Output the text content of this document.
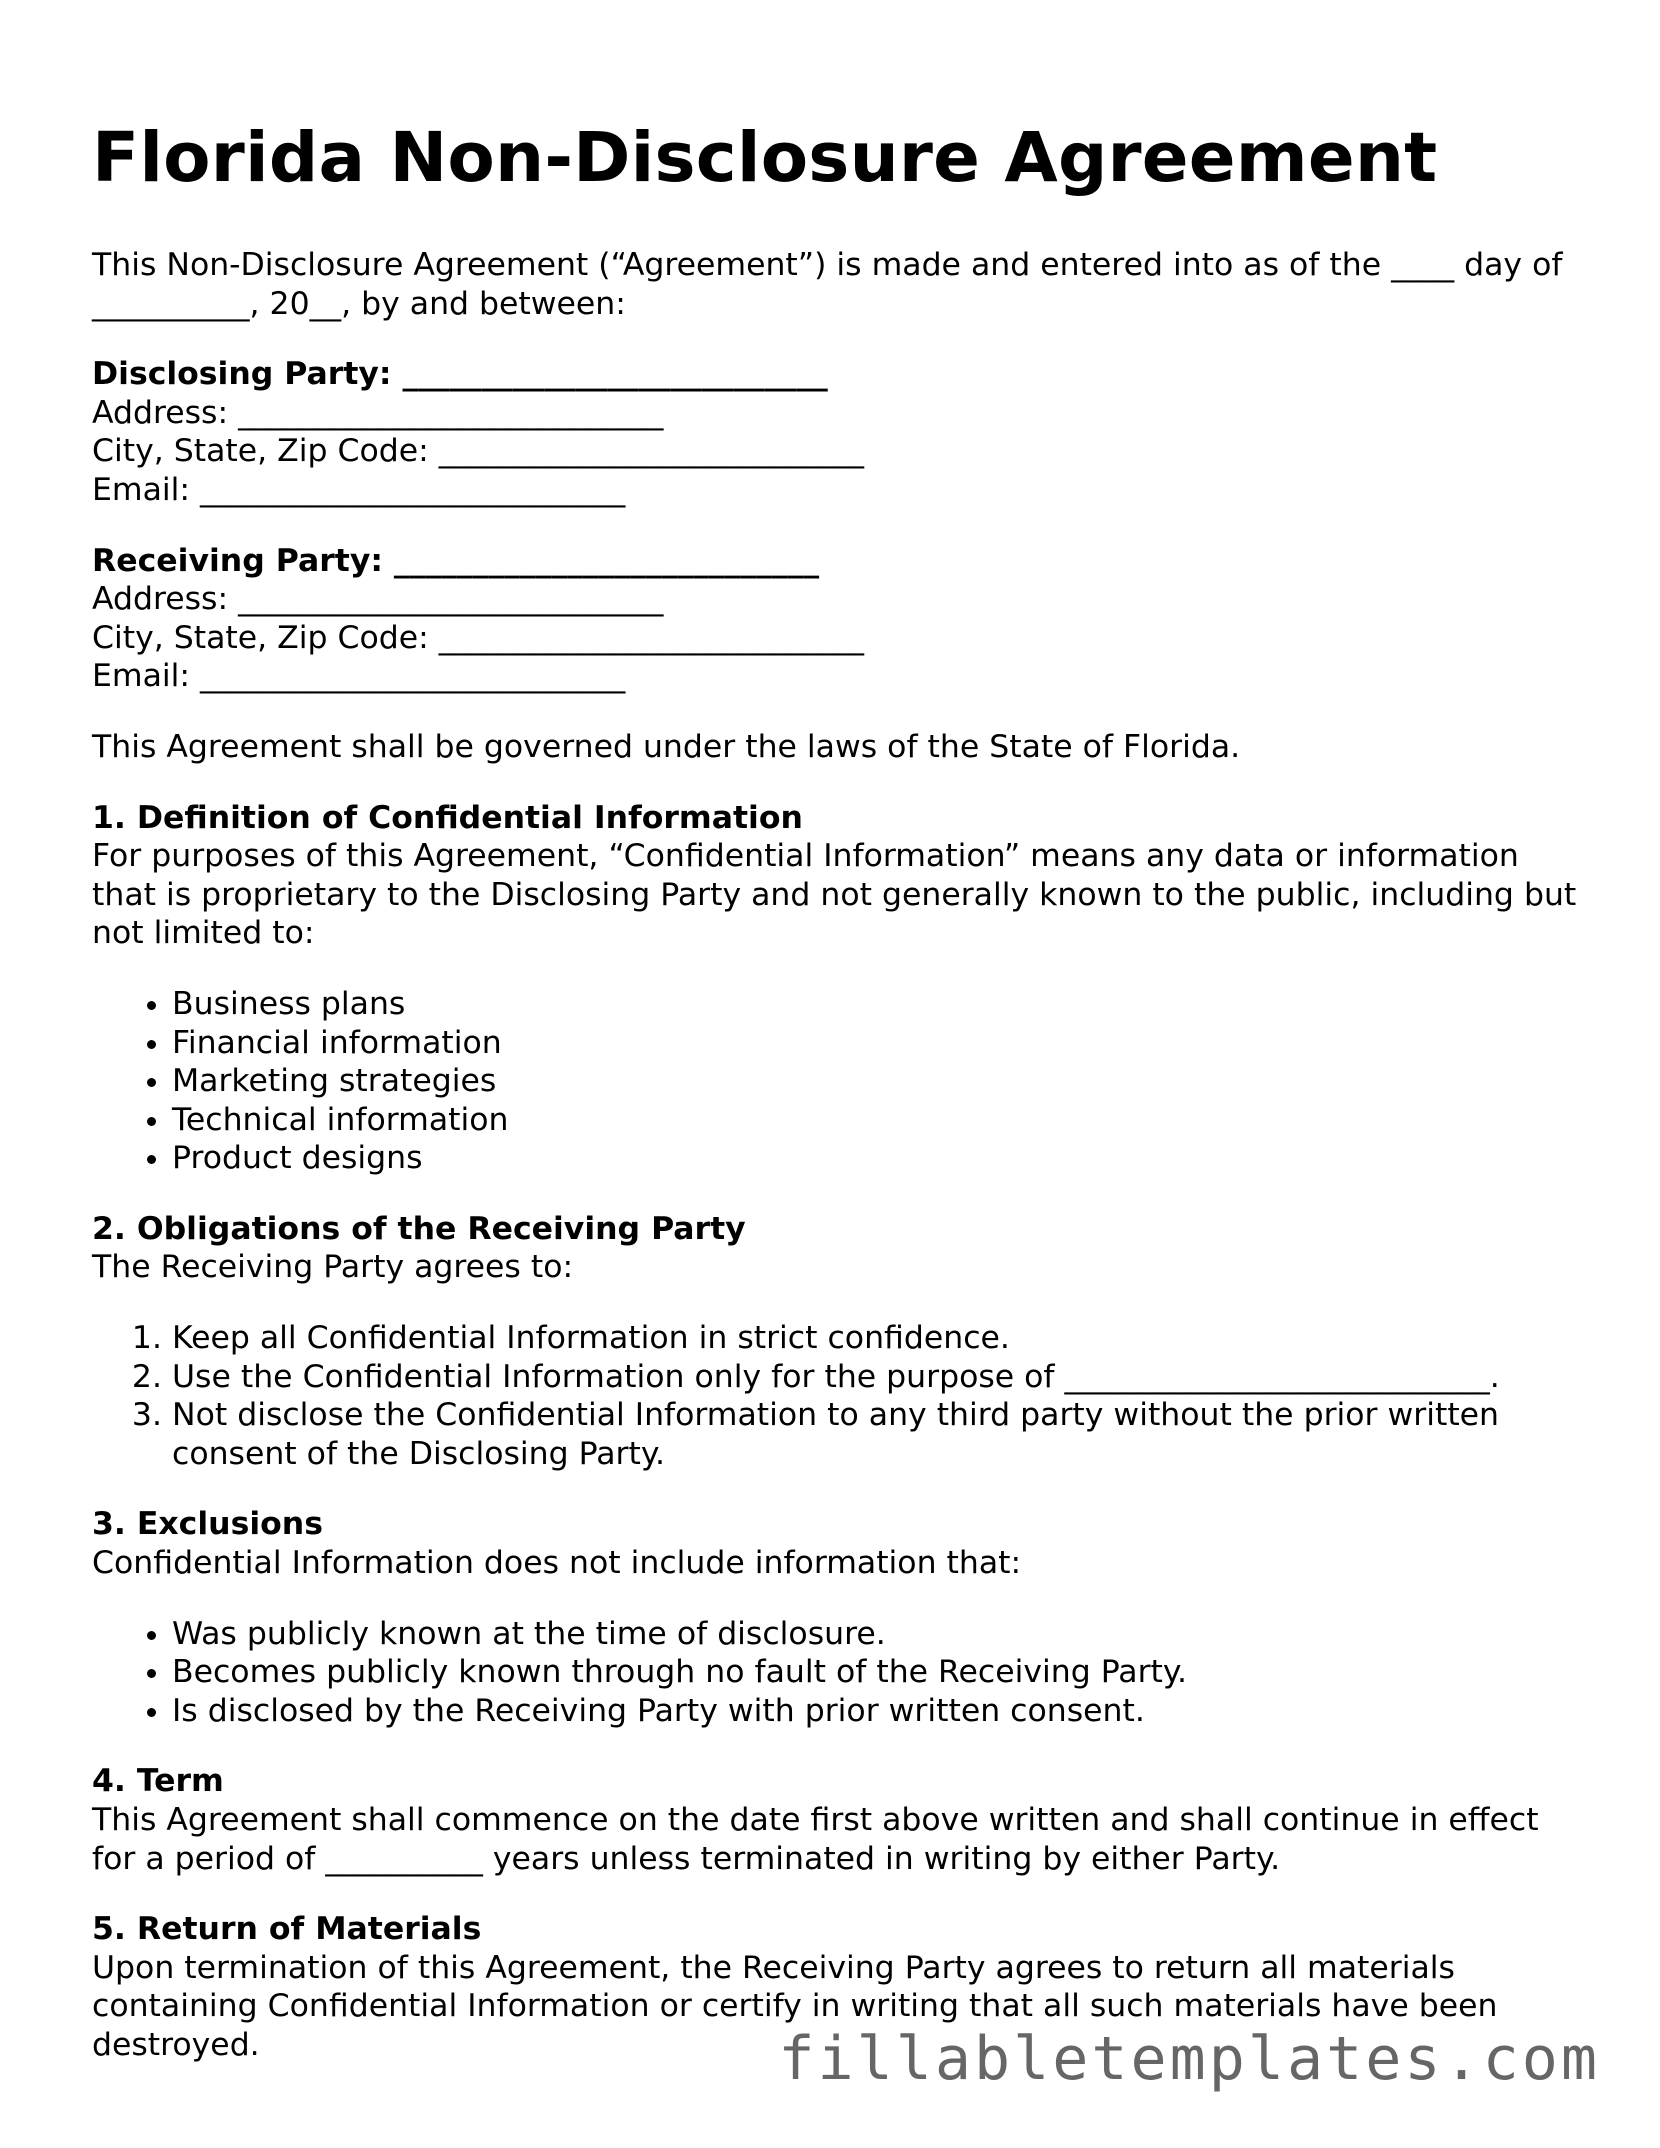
Florida Non-Disclosure Agreement

This Non-Disclosure Agreement (“Agreement”) is made and entered into as of the ____ day of __________, 20__, by and between:

Disclosing Party: ___________________________
Address: ___________________________
City, State, Zip Code: ___________________________
Email: ___________________________
Receiving Party: ___________________________
Address: ___________________________
City, State, Zip Code: ___________________________
Email: ___________________________

This Agreement shall be governed under the laws of the State of Florida.

1. Definition of Confidential Information

For purposes of this Agreement, “Confidential Information” means any data or information that is proprietary to the Disclosing Party and not generally known to the public, including but not limited to:

• Business plans
• Financial information
• Marketing strategies
• Technical information
• Product designs
2. Obligations of the Receiving Party

The Receiving Party agrees to:

1. Keep all Confidential Information in strict confidence.
2. Use the Confidential Information only for the purpose of ___________________________.
3. Not disclose the Confidential Information to any third party without the prior written consent of the Disclosing Party.
3. Exclusions

Confidential Information does not include information that:

• Was publicly known at the time of disclosure.
• Becomes publicly known through no fault of the Receiving Party.
• Is disclosed by the Receiving Party with prior written consent.
4. Term

This Agreement shall commence on the date first above written and shall continue in effect for a period of __________ years unless terminated in writing by either Party.

5. Return of Materials

Upon termination of this Agreement, the Receiving Party agrees to return all materials containing Confidential Information or certify in writing that all such materials have been destroyed.	fillabletemplates.com
